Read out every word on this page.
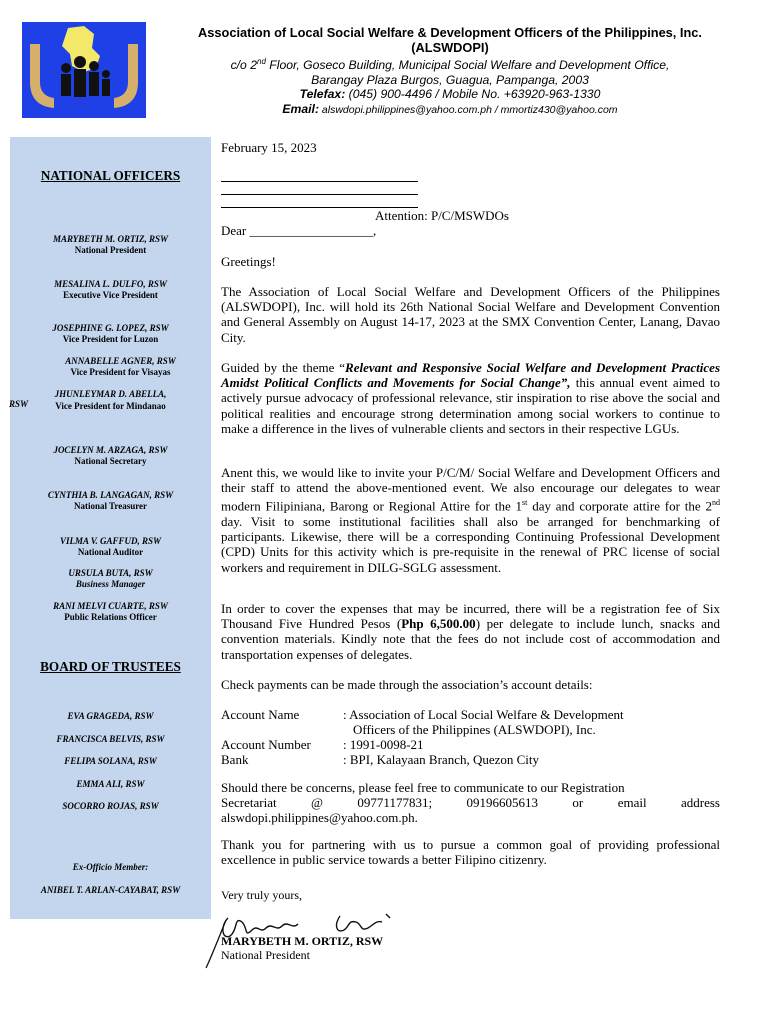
Association of Local Social Welfare & Development Officers of the Philippines, Inc.
(ALSWDOPI)
c/o 2nd Floor, Goseco Building, Municipal Social Welfare and Development Office,
Barangay Plaza Burgos, Guagua, Pampanga, 2003
Telefax: (045) 900-4496 / Mobile No. +63920-963-1330
Email: alswdopi.philippines@yahoo.com.ph / mmortiz430@yahoo.com
NATIONAL OFFICERS
MARYBETH M. ORTIZ, RSW
National President
MESALINA L. DULFO, RSW
Executive Vice President
JOSEPHINE G. LOPEZ, RSW
Vice President for Luzon
ANNABELLE AGNER, RSW
Vice President for Visayas
JHUNLEYMAR D. ABELLA,
RSW	Vice President for Mindanao
JOCELYN M. ARZAGA, RSW
National Secretary
CYNTHIA B. LANGAGAN, RSW
National Treasurer
VILMA V. GAFFUD, RSW
National Auditor
URSULA BUTA, RSW
Business Manager
RANI MELVI CUARTE, RSW
Public Relations Officer
BOARD OF TRUSTEES
EVA GRAGEDA, RSW
FRANCISCA BELVIS, RSW
FELIPA SOLANA, RSW
EMMA ALI, RSW
SOCORRO ROJAS, RSW
Ex-Officio Member:
ANIBEL T. ARLAN-CAYABAT, RSW
February 15, 2023
Attention: P/C/MSWDOs
Dear ___________________,
Greetings!
The Association of Local Social Welfare and Development Officers of the Philippines (ALSWDOPI), Inc. will hold its 26th National Social Welfare and Development Convention and General Assembly on August 14-17, 2023 at the SMX Convention Center, Lanang, Davao City.
Guided by the theme “Relevant and Responsive Social Welfare and Development Practices Amidst Political Conflicts and Movements for Social Change”, this annual event aimed to actively pursue advocacy of professional relevance, stir inspiration to rise above the social and political realities and encourage strong determination among social workers to continue to make a difference in the lives of vulnerable clients and sectors in their respective LGUs.
Anent this, we would like to invite your P/C/M/ Social Welfare and Development Officers and their staff to attend the above-mentioned event. We also encourage our delegates to wear modern Filipiniana, Barong or Regional Attire for the 1st day and corporate attire for the 2nd day. Visit to some institutional facilities shall also be arranged for benchmarking of participants. Likewise, there will be a corresponding Continuing Professional Development (CPD) Units for this activity which is pre-requisite in the renewal of PRC license of social workers and requirement in DILG-SGLG assessment.
In order to cover the expenses that may be incurred, there will be a registration fee of Six Thousand Five Hundred Pesos (Php 6,500.00) per delegate to include lunch, snacks and convention materials. Kindly note that the fees do not include cost of accommodation and transportation expenses of delegates.
Check payments can be made through the association’s account details:
Account Name	: Association of Local Social Welfare & Development
Officers of the Philippines (ALSWDOPI), Inc.
Account Number : 1991-0098-21
Bank	: BPI, Kalayaan Branch, Quezon City
Should there be concerns, please feel free to communicate to our Registration
Secretariat @ 09771177831; 09196605613 or email address
alswdopi.philippines@yahoo.com.ph.
Thank you for partnering with us to pursue a common goal of providing professional excellence in public service towards a better Filipino citizenry.
Very truly yours,
MARYBETH M. ORTIZ, RSW
National President
